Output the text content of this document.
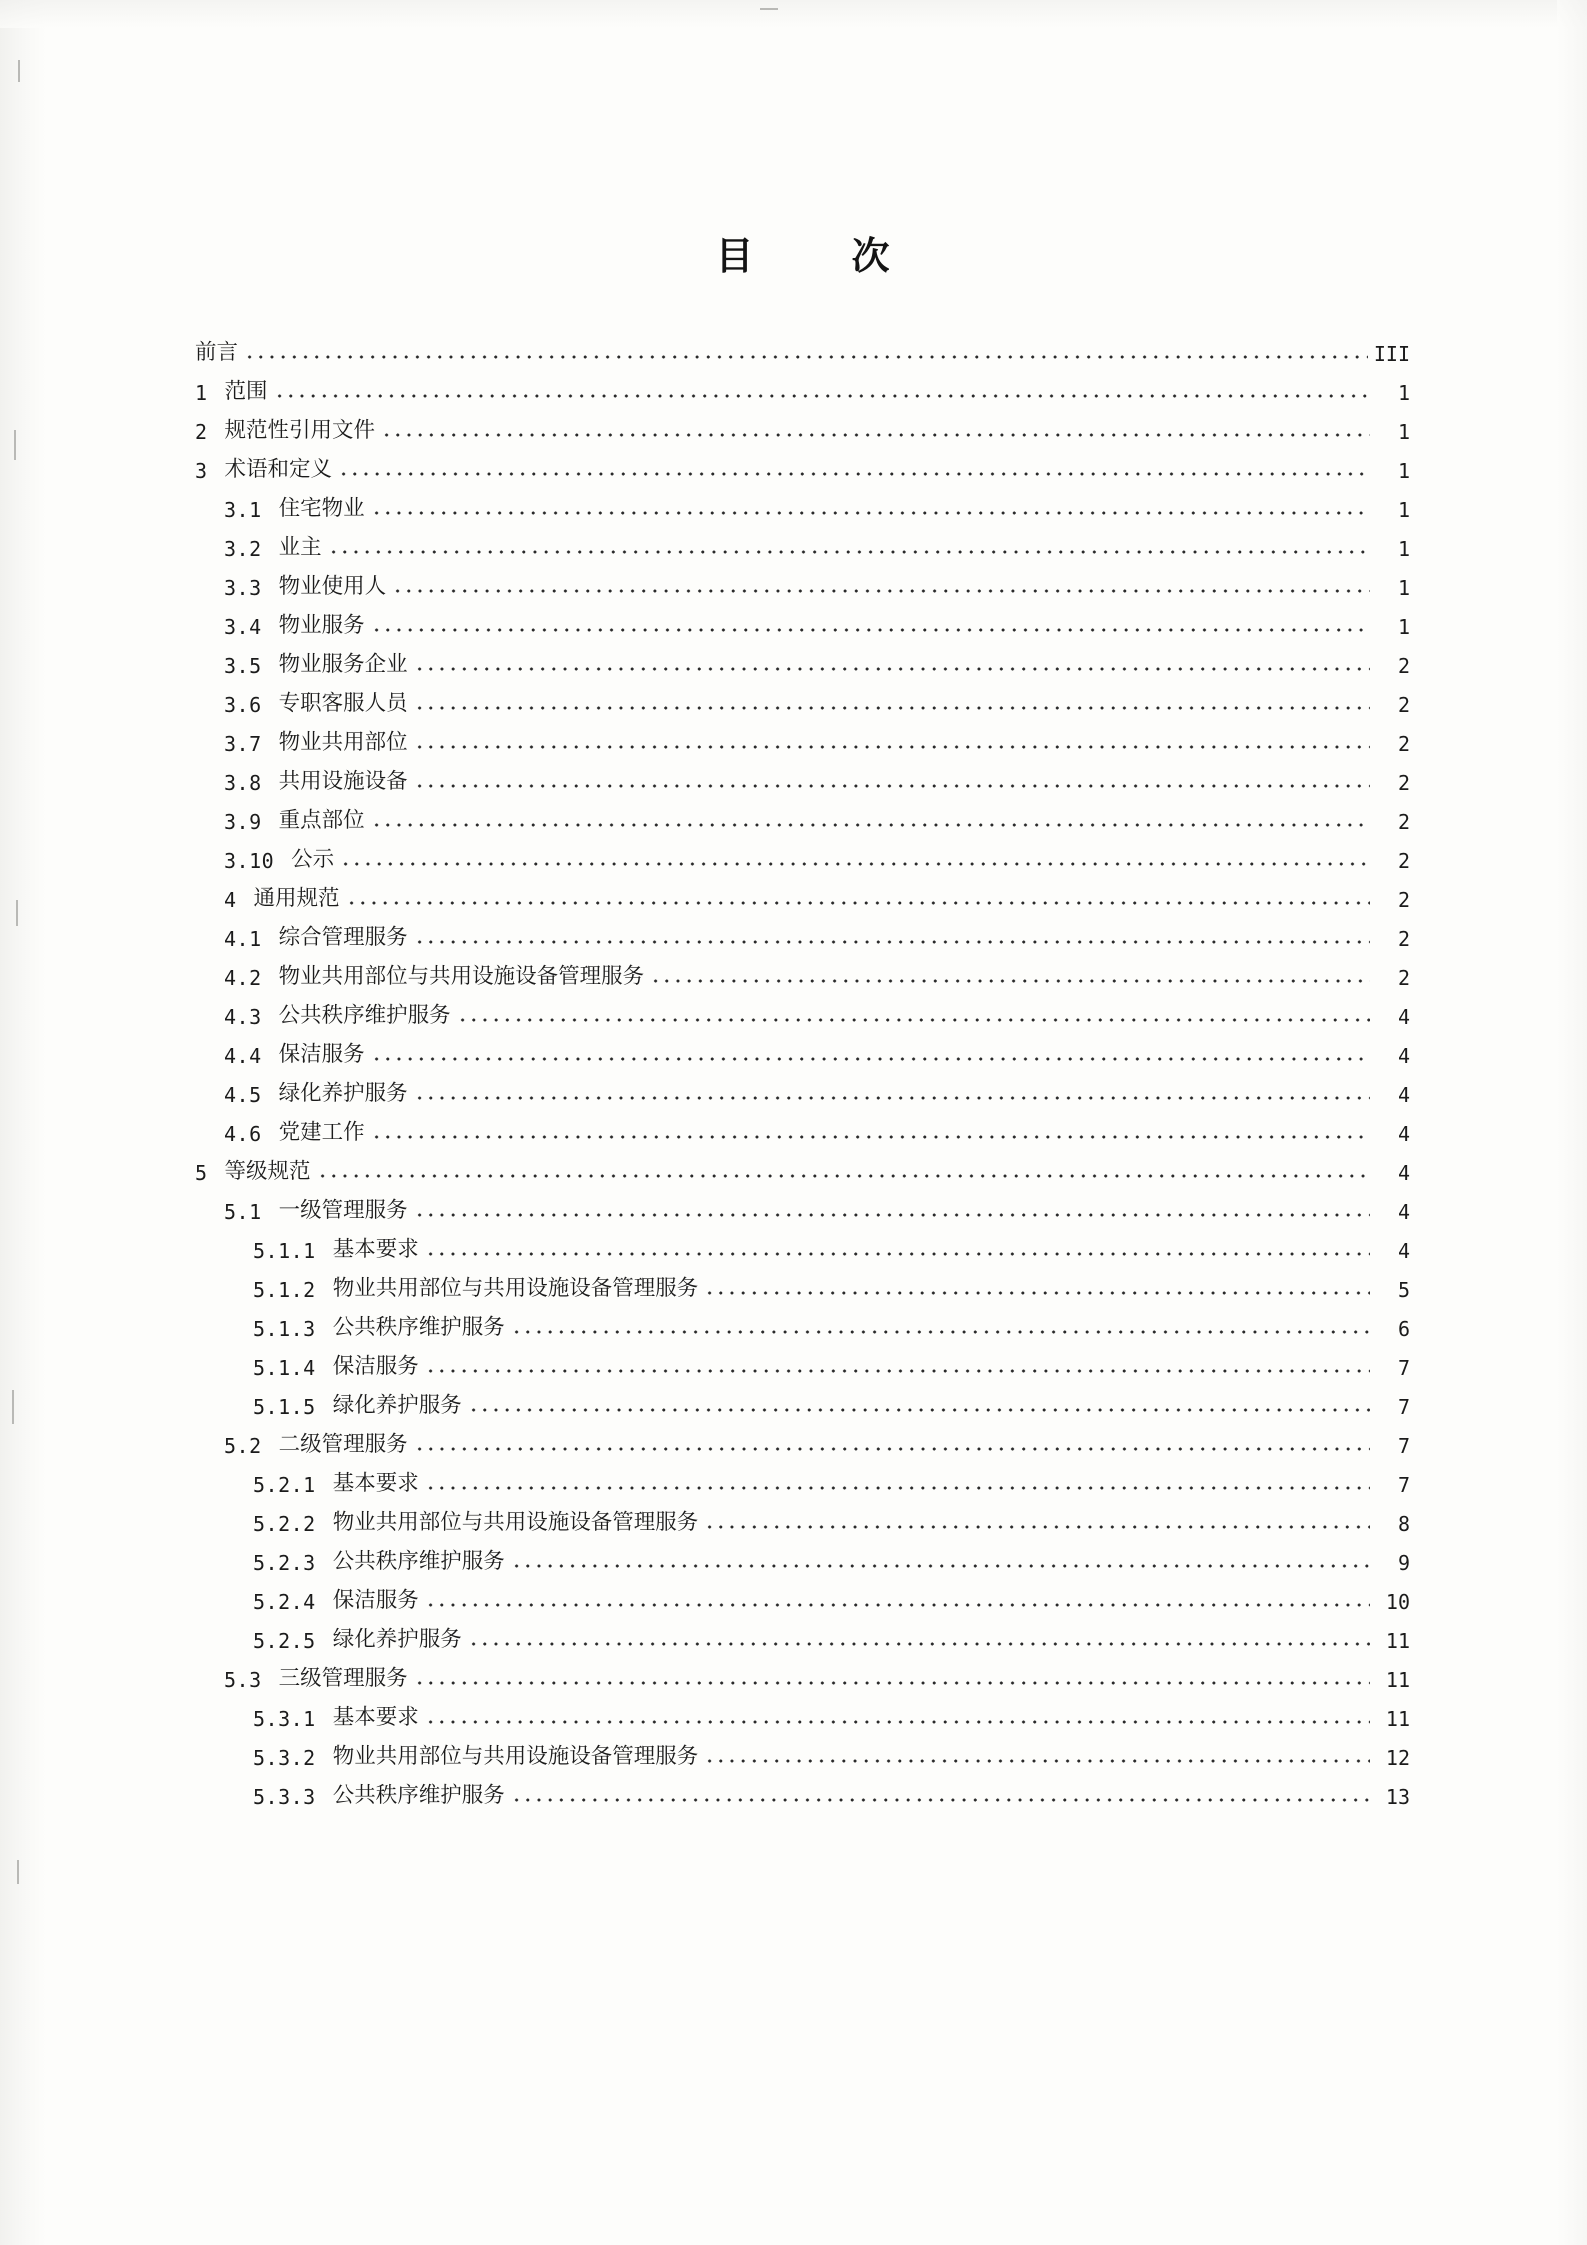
目　次
前言	III
1 范围	1
2 规范性引用文件	1
3 术语和定义	1
3.1 住宅物业	1
3.2 业主	1
3.3 物业使用人	1
3.4 物业服务	1
3.5 物业服务企业	2
3.6 专职客服人员	2
3.7 物业共用部位	2
3.8 共用设施设备	2
3.9 重点部位	2
3.10 公示	2
4 通用规范	2
4.1 综合管理服务	2
4.2 物业共用部位与共用设施设备管理服务	2
4.3 公共秩序维护服务	4
4.4 保洁服务	4
4.5 绿化养护服务	4
4.6 党建工作	4
5 等级规范	4
5.1 一级管理服务	4
5.1.1 基本要求	4
5.1.2 物业共用部位与共用设施设备管理服务	5
5.1.3 公共秩序维护服务	6
5.1.4 保洁服务	7
5.1.5 绿化养护服务	7
5.2 二级管理服务	7
5.2.1 基本要求	7
5.2.2 物业共用部位与共用设施设备管理服务	8
5.2.3 公共秩序维护服务	9
5.2.4 保洁服务	10
5.2.5 绿化养护服务	11
5.3 三级管理服务	11
5.3.1 基本要求	11
5.3.2 物业共用部位与共用设施设备管理服务	12
5.3.3 公共秩序维护服务	13
